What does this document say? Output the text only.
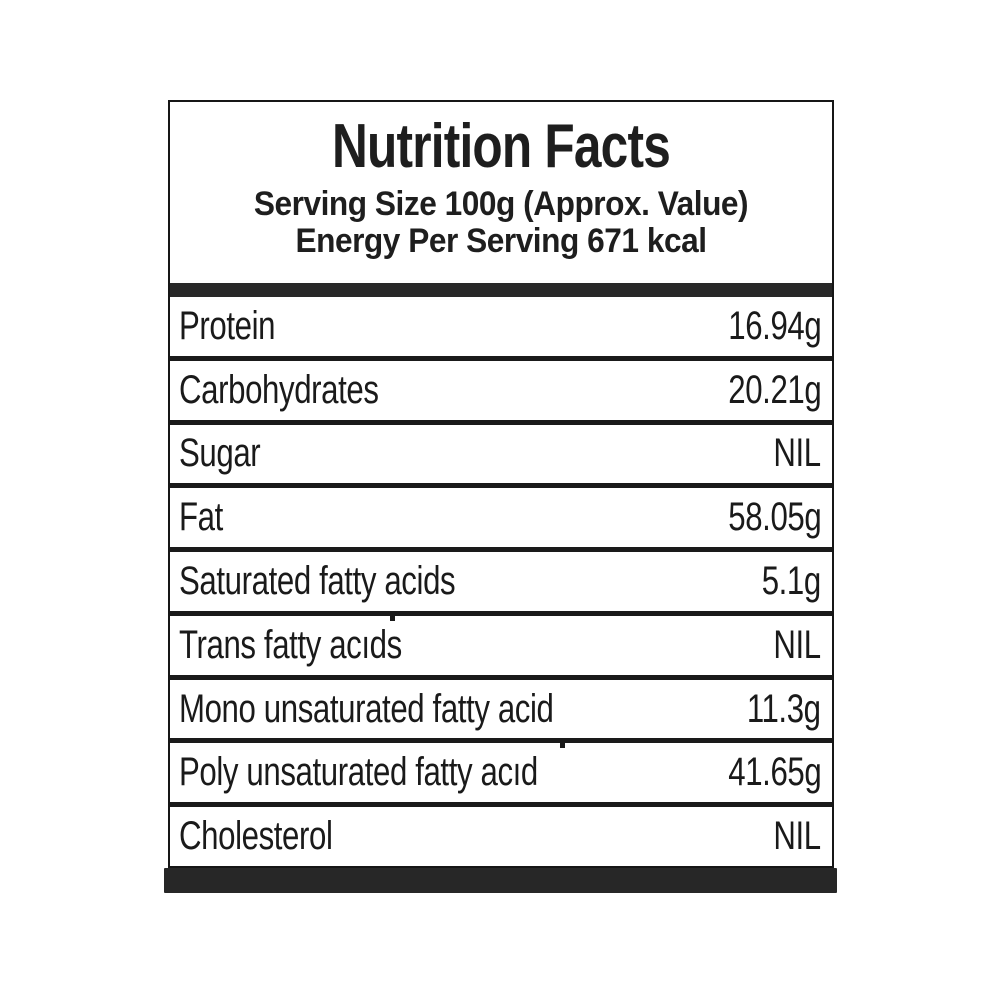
Nutrition Facts
Serving Size 100g (Approx. Value)
Energy Per Serving 671 kcal
Protein	16.94g
Carbohydrates	20.21g
Sugar	NIL
Fat	58.05g
Saturated fatty acids	5.1g
Trans fatty acıds	NIL
Mono unsaturated fatty acid	11.3g
Poly unsaturated fatty acıd	41.65g
Cholesterol	NIL
